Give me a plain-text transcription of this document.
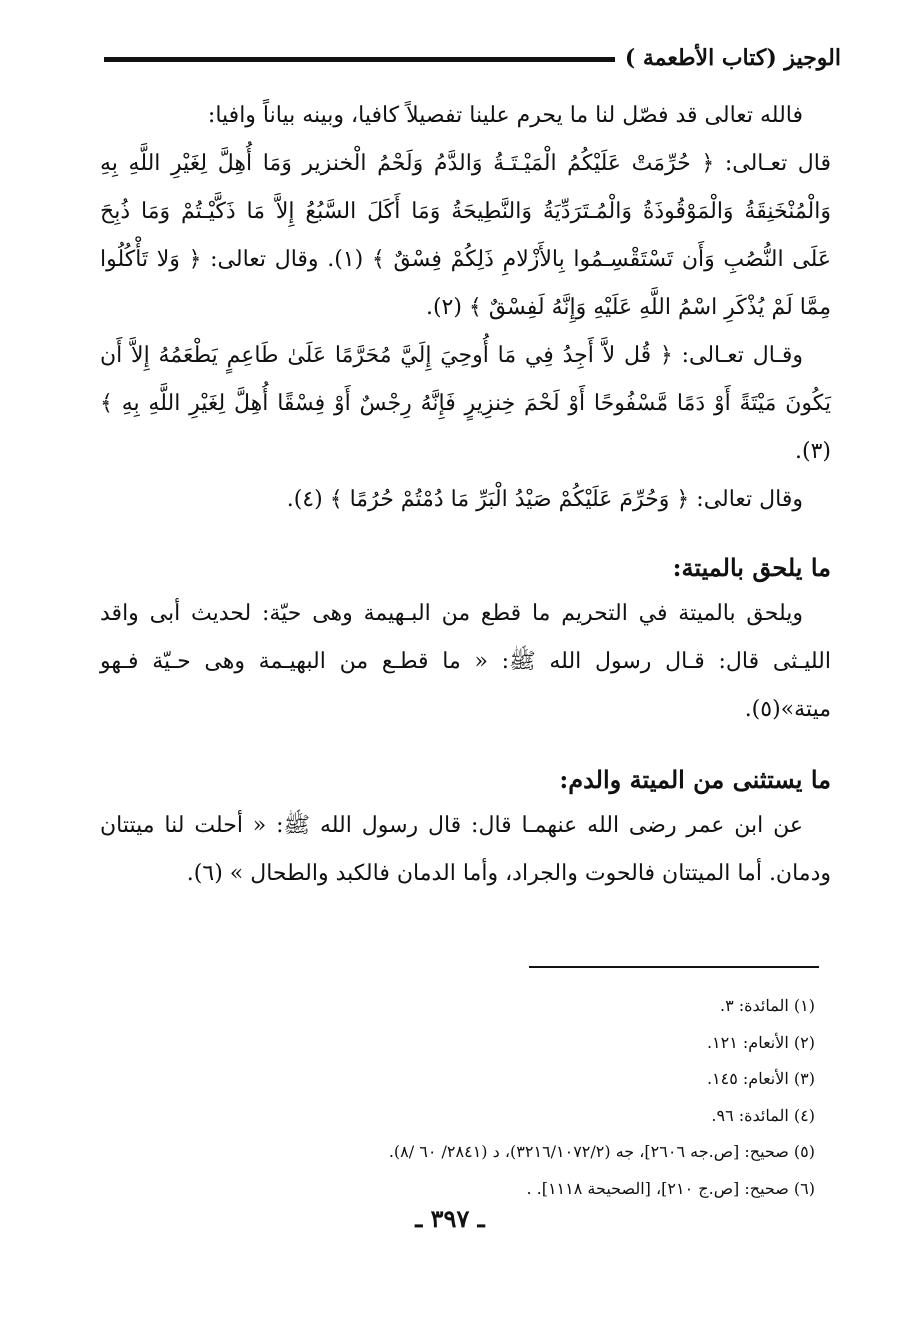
الوجيز (كتاب الأطعمة )

فالله تعالى قد فصّل لنا ما يحرم علينا تفصيلاً كافيا، وبينه بياناً وافيا:

قال تعـالى: ﴿ حُرِّمَتْ عَلَيْكُمُ الْمَيْـتَـةُ وَالدَّمُ وَلَحْمُ الْخنزير وَمَا أُهِلَّ لِغَيْرِ اللَّهِ بِهِ وَالْمُنْخَنِقَةُ وَالْمَوْقُوذَةُ وَالْمُـتَرَدِّيَةُ وَالنَّطِيحَةُ وَمَا أَكَلَ السَّبُعُ إِلاَّ مَا ذَكَّيْـتُمْ وَمَا ذُبِحَ عَلَى النُّصُبِ وَأَن تَسْتَقْسِـمُوا بِالأَزْلامِ ذَلِكُمْ فِسْقٌ ﴾ (١). وقال تعالى: ﴿ وَلا تَأْكُلُوا مِمَّا لَمْ يُذْكَرِ اسْمُ اللَّهِ عَلَيْهِ وَإِنَّهُ لَفِسْقٌ ﴾ (٢).

وقـال تعـالى: ﴿ قُل لاَّ أَجِدُ فِي مَا أُوحِيَ إِلَيَّ مُحَرَّمًا عَلَىٰ طَاعِمٍ يَطْعَمُهُ إِلاَّ أَن يَكُونَ مَيْتَةً أَوْ دَمًا مَّسْفُوحًا أَوْ لَحْمَ خِنزِيرٍ فَإِنَّهُ رِجْسٌ أَوْ فِسْقًا أُهِلَّ لِغَيْرِ اللَّهِ بِهِ ﴾(٣).

وقال تعالى: ﴿ وَحُرِّمَ عَلَيْكُمْ صَيْدُ الْبَرِّ مَا دُمْتُمْ حُرُمًا ﴾ (٤).

ما يلحق بالميتة:

ويلحق بالميتة في التحريم ما قطع من البـهيمة وهى حيّة: لحديث أبى واقد الليـثى قال: قـال رسول الله ﷺ: « ما قطـع من البهيـمة وهى حـيّة فـهو ميتة»(٥).

ما يستثنى من الميتة والدم:

عن ابن عمر رضى الله عنهمـا قال: قال رسول الله ﷺ: « أحلت لنا ميتتان ودمان. أما الميتتان فالحوت والجراد، وأما الدمان فالكبد والطحال » (٦).

(١) المائدة: ٣.

(٢) الأنعام: ١٢١.

(٣) الأنعام: ١٤٥.

(٤) المائدة: ٩٦.

(٥) صحيح: [ص.جه ٢٦٠٦]، جه (٣٢١٦/١٠٧٢/٢)، د (٢٨٤١/ ٦٠ /٨).

(٦) صحيح: [ص.ج ٢١٠]، [الصحيحة ١١١٨]. .

ـ ٣٩٧ ـ
